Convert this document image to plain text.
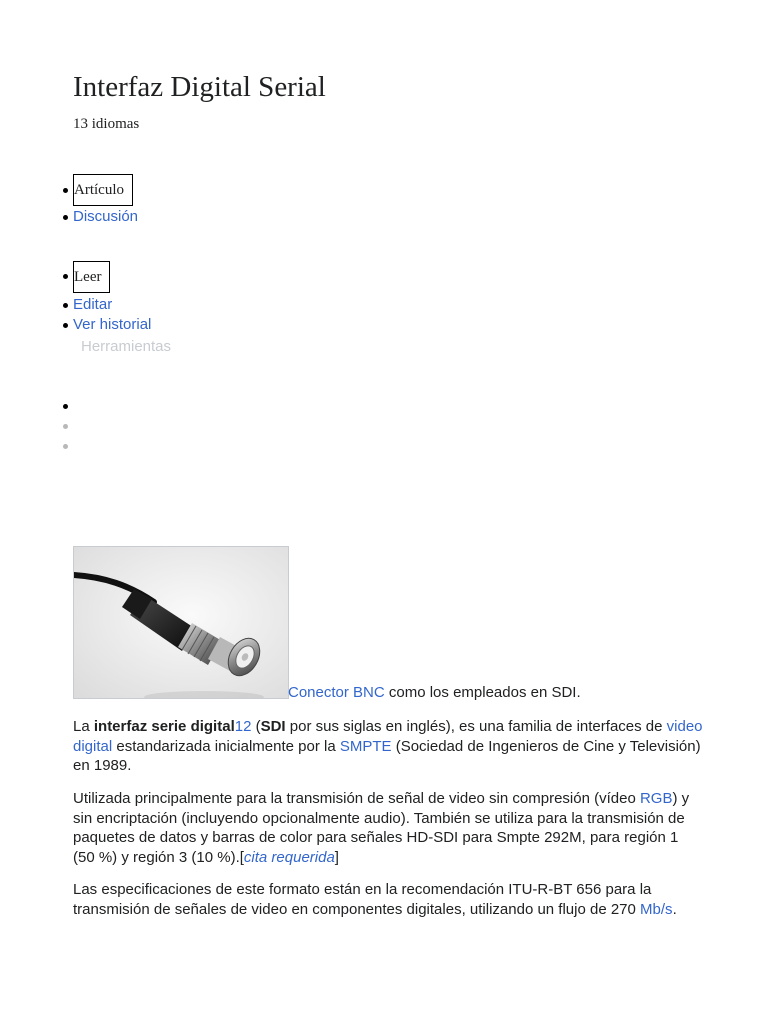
Interfaz Digital Serial
13 idiomas
Artículo
Discusión
Leer
Editar
Ver historial
Herramientas
Conector BNC como los empleados en SDI.

La interfaz serie digital12 (SDI por sus siglas en inglés), es una familia de interfaces de video digital estandarizada inicialmente por la SMPTE (Sociedad de Ingenieros de Cine y Televisión) en 1989.

Utilizada principalmente para la transmisión de señal de video sin compresión (vídeo RGB) y sin encriptación (incluyendo opcionalmente audio). También se utiliza para la transmisión de paquetes de datos y barras de color para señales HD-SDI para Smpte 292M, para región 1 (50 %) y región 3 (10 %).[cita requerida]

Las especificaciones de este formato están en la recomendación ITU-R-BT 656 para la transmisión de señales de video en componentes digitales, utilizando un flujo de 270 Mb/s.
